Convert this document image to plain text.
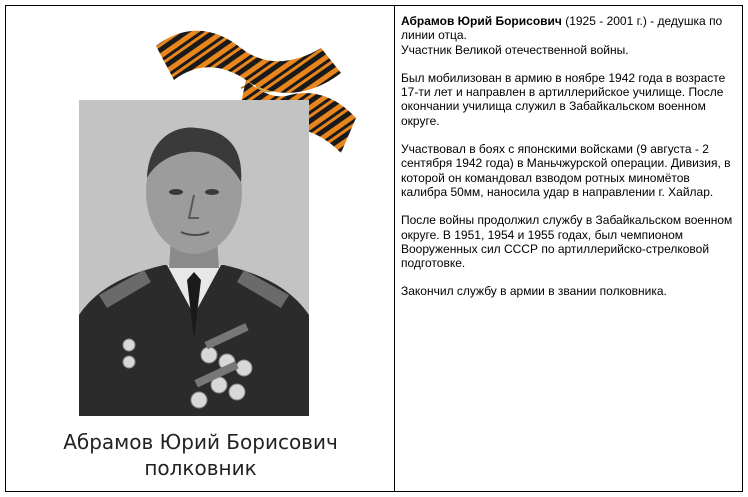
Абрамов Юрий Борисович
полковник

Абрамов Юрий Борисович (1925 - 2001 г.) - дедушка по линии отца.
Участник Великой отечественной войны.

Был мобилизован в армию в ноябре 1942 года в возрасте 17-ти лет и направлен в артиллерийское училище. После окончании училища служил в Забайкальском военном округе.

Участвовал в боях с японскими войсками (9 августа - 2 сентября 1942 года) в Маньчжурской операции. Дивизия, в которой он командовал взводом ротных миномётов калибра 50мм, наносила удар в направлении г. Хайлар.

После войны продолжил службу в Забайкальском военном округе. В 1951, 1954 и 1955 годах, был чемпионом Вооруженных сил СССР по артиллерийско-стрелковой подготовке.

Закончил службу в армии в звании полковника.
